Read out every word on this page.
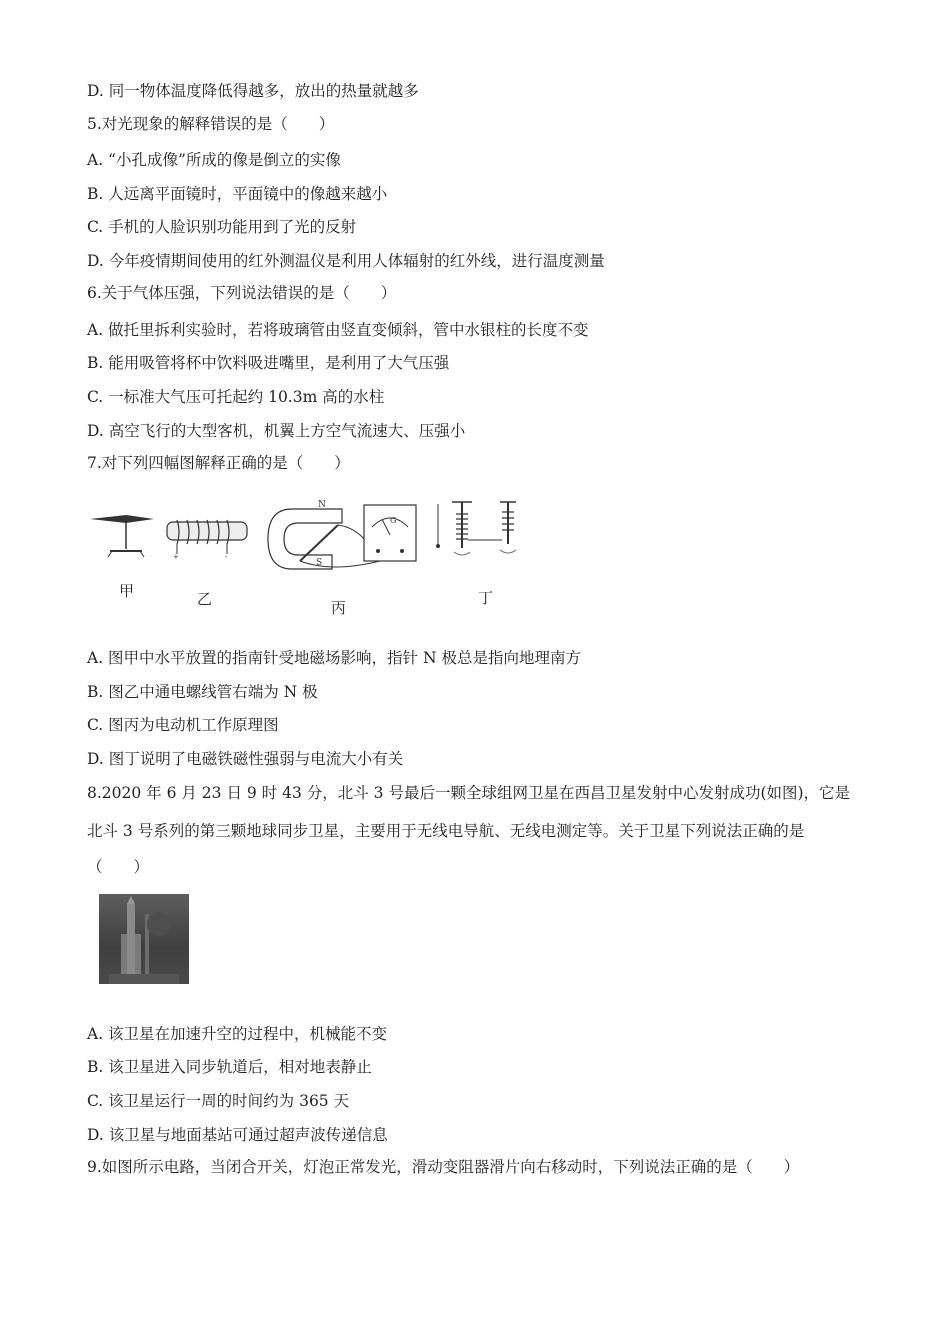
D. 同一物体温度降低得越多，放出的热量就越多
5.对光现象的解释错误的是（　　）
A. “小孔成像”所成的像是倒立的实像
B. 人远离平面镜时，平面镜中的像越来越小
C. 手机的人脸识别功能用到了光的反射
D. 今年疫情期间使用的红外测温仪是利用人体辐射的红外线，进行温度测量
6.关于气体压强，下列说法错误的是（　　）
A. 做托里拆利实验时，若将玻璃管由竖直变倾斜，管中水银柱的长度不变
B. 能用吸管将杯中饮料吸进嘴里，是利用了大气压强
C. 一标准大气压可托起约 10.3m 高的水柱
D. 高空飞行的大型客机，机翼上方空气流速大、压强小
7.对下列四幅图解释正确的是（　　）
甲
+	-
乙
N
S
G
丙
丁
A. 图甲中水平放置的指南针受地磁场影响，指针 N 极总是指向地理南方
B. 图乙中通电螺线管右端为 N 极
C. 图丙为电动机工作原理图
D. 图丁说明了电磁铁磁性强弱与电流大小有关
8.2020 年 6 月 23 日 9 时 43 分，北斗 3 号最后一颗全球组网卫星在西昌卫星发射中心发射成功(如图)，它是
北斗 3 号系列的第三颗地球同步卫星，主要用于无线电导航、无线电测定等。关于卫星下列说法正确的是
（　　）
A. 该卫星在加速升空的过程中，机械能不变
B. 该卫星进入同步轨道后，相对地表静止
C. 该卫星运行一周的时间约为 365 天
D. 该卫星与地面基站可通过超声波传递信息
9.如图所示电路，当闭合开关，灯泡正常发光，滑动变阻器滑片向右移动时，下列说法正确的是（　　）
